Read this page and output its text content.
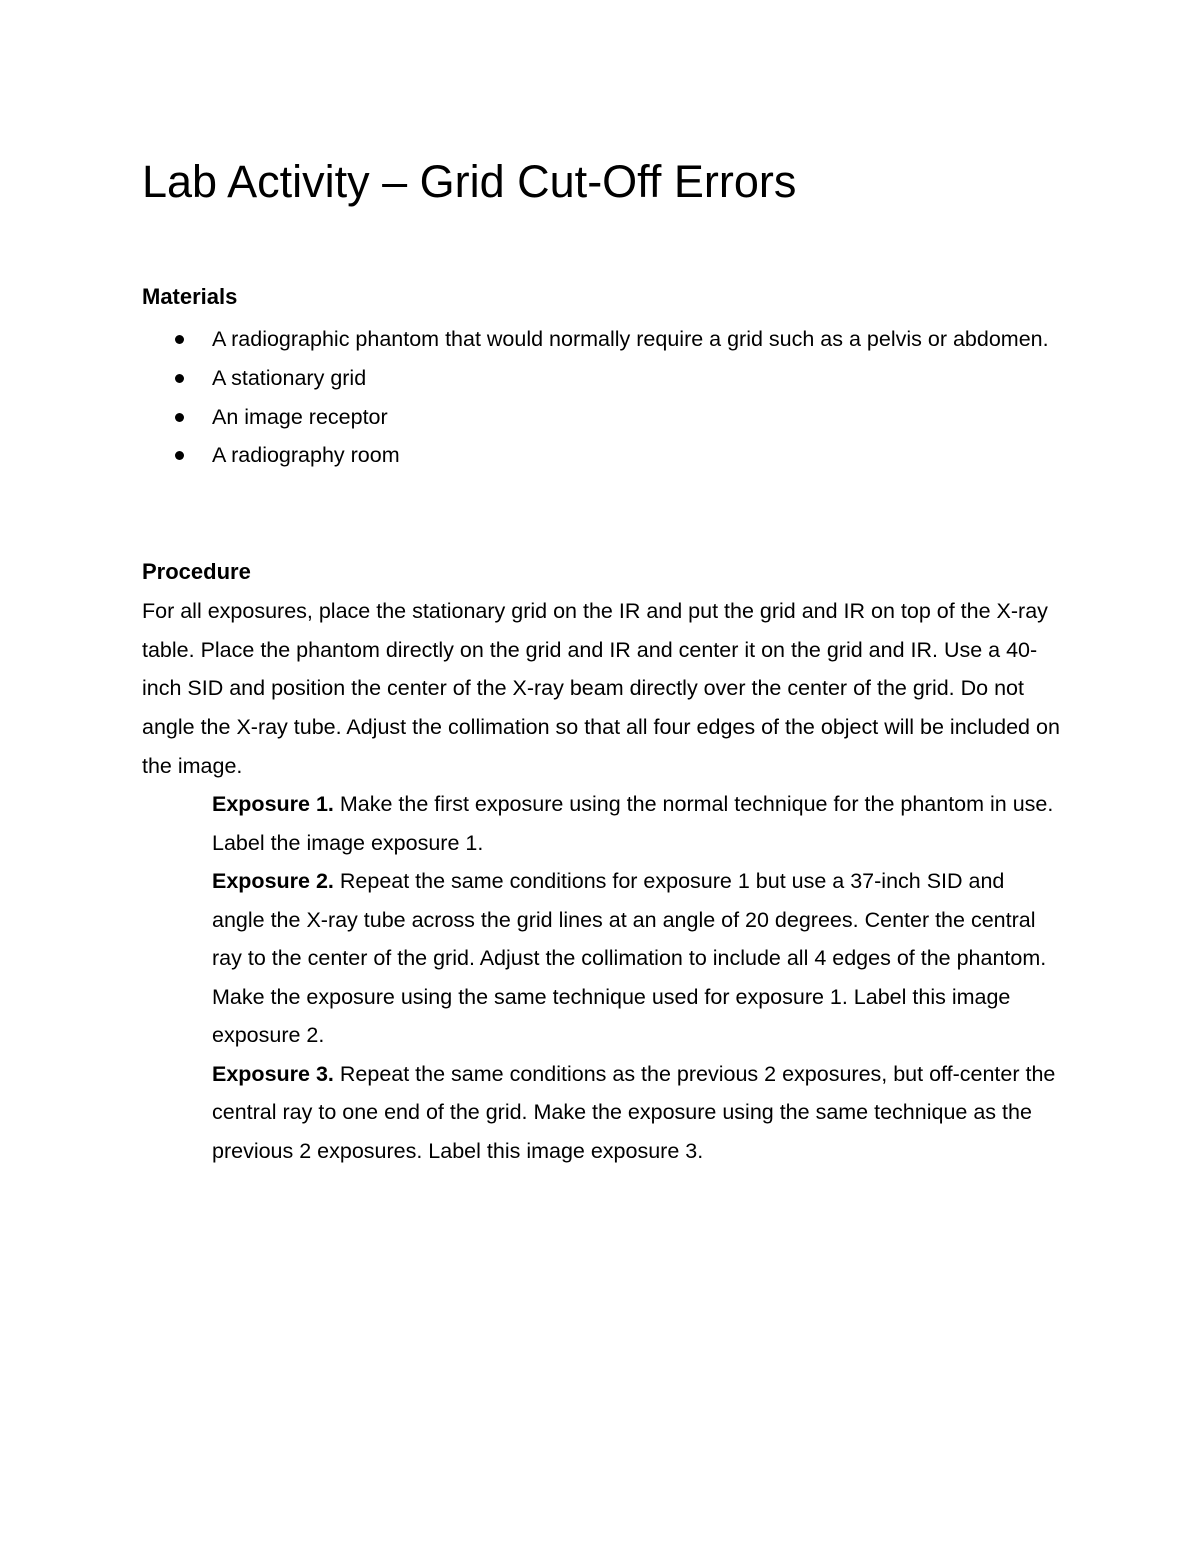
Lab Activity – Grid Cut-Off Errors
Materials
A radiographic phantom that would normally require a grid such as a pelvis or abdomen.
A stationary grid
An image receptor
A radiography room
Procedure

For all exposures, place the stationary grid on the IR and put the grid and IR on top of the X-ray table. Place the phantom directly on the grid and IR and center it on the grid and IR. Use a 40-inch SID and position the center of the X-ray beam directly over the center of the grid. Do not angle the X-ray tube. Adjust the collimation so that all four edges of the object will be included on the image.

Exposure 1. Make the first exposure using the normal technique for the phantom in use. Label the image exposure 1.

Exposure 2. Repeat the same conditions for exposure 1 but use a 37-inch SID and angle the X-ray tube across the grid lines at an angle of 20 degrees. Center the central ray to the center of the grid. Adjust the collimation to include all 4 edges of the phantom. Make the exposure using the same technique used for exposure 1. Label this image exposure 2.

Exposure 3. Repeat the same conditions as the previous 2 exposures, but off-center the central ray to one end of the grid. Make the exposure using the same technique as the previous 2 exposures. Label this image exposure 3.
